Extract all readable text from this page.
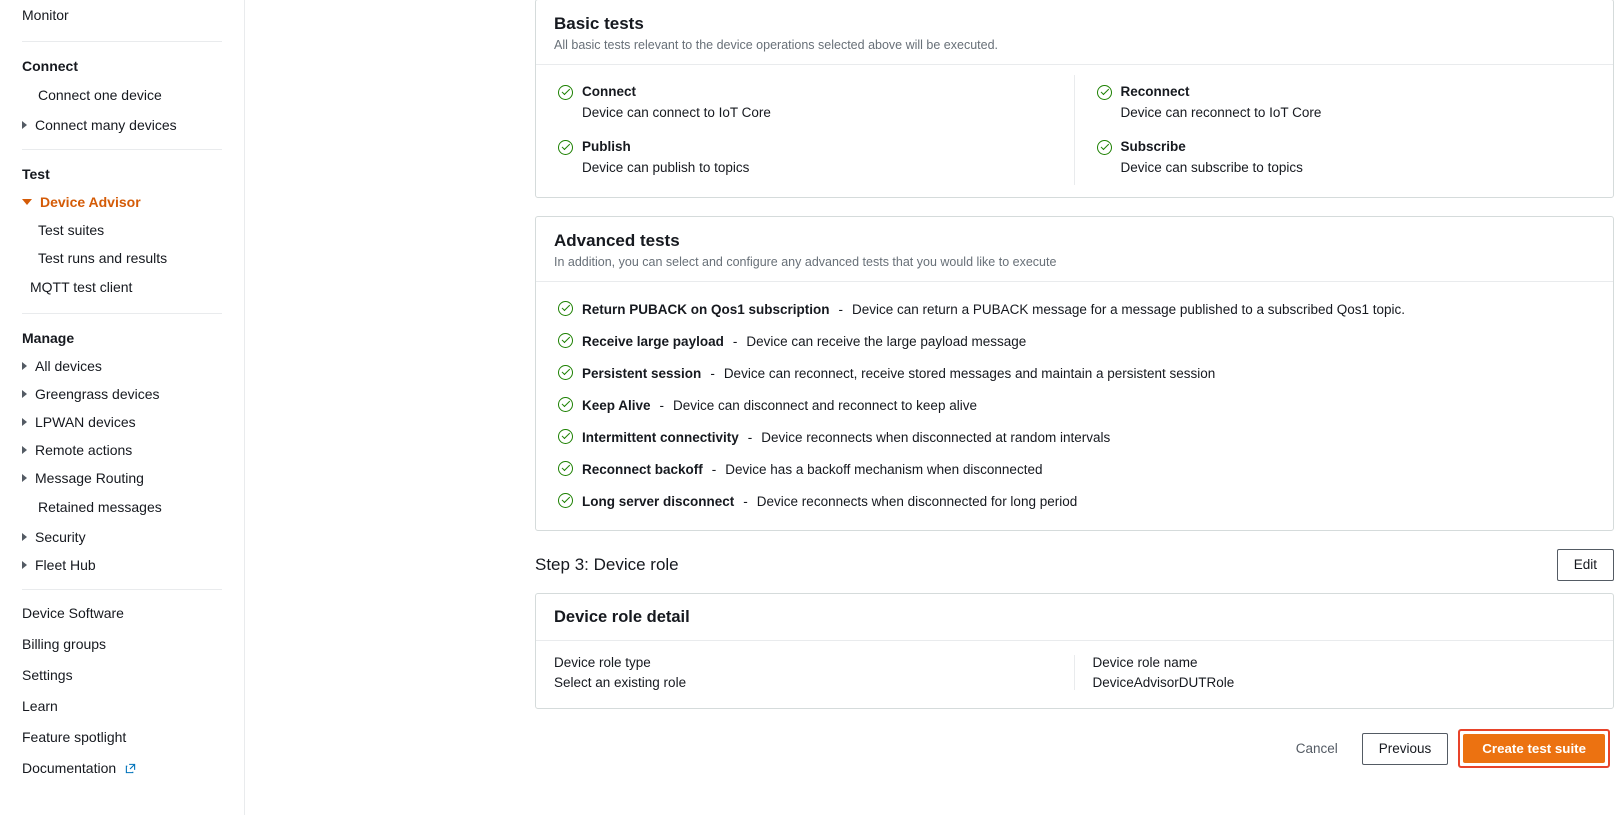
Monitor
Connect
Connect one device
Connect many devices
Test
Device Advisor
Test suites
Test runs and results
MQTT test client
Manage
All devices
Greengrass devices
LPWAN devices
Remote actions
Message Routing
Retained messages
Security
Fleet Hub
Device Software
Billing groups
Settings
Learn
Feature spotlight
Documentation
Basic tests
All basic tests relevant to the device operations selected above will be executed.
Connect
Device can connect to IoT Core
Publish
Device can publish to topics
Reconnect
Device can reconnect to IoT Core
Subscribe
Device can subscribe to topics
Advanced tests
In addition, you can select and configure any advanced tests that you would like to execute
Return PUBACK on Qos1 subscription - Device can return a PUBACK message for a message published to a subscribed Qos1 topic.
Receive large payload - Device can receive the large payload message
Persistent session - Device can reconnect, receive stored messages and maintain a persistent session
Keep Alive - Device can disconnect and reconnect to keep alive
Intermittent connectivity - Device reconnects when disconnected at random intervals
Reconnect backoff - Device has a backoff mechanism when disconnected
Long server disconnect - Device reconnects when disconnected for long period
Step 3: Device role	Edit
Device role detail
Device role type
Select an existing role
Device role name
DeviceAdvisorDUTRole
Cancel	Previous	Create test suite
